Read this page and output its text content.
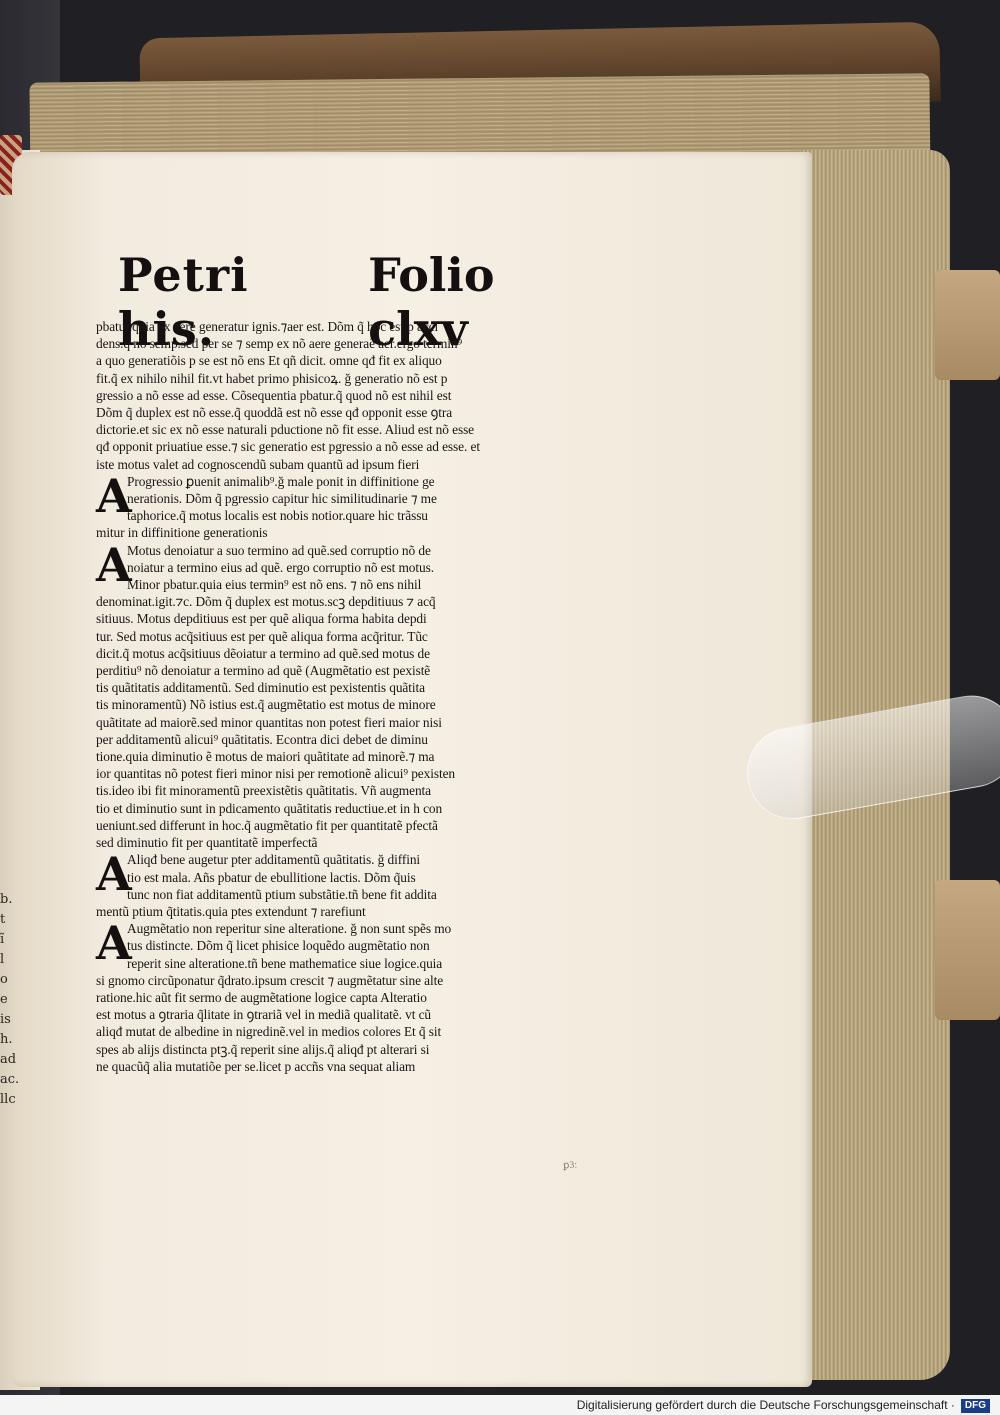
b.
t
ĩ
l
o
e
is
h.
ad
ac.
llc
Petri his.
Folio clxv
pbatur.quia ex aere generatur ignis.⁊aer est. Dõm q̃ hoc est p acci
dens.q̃ nõ semp.sed per se ⁊ semp ex nõ aere generaẽ aer.ergo termin⁹
a quo generatiõis p se est nõ ens Et qñ dicit. omne qđ fit ex aliquo
fit.q̃ ex nihilo nihil fit.vt habet primo phisicoꝝ. ğ generatio nõ est p
gressio a nõ esse ad esse. Cõsequentia pbatur.q̃ quod nõ est nihil est
Dõm q̃ duplex est nõ esse.q̃ quoddã est nõ esse qđ opponit esse ꝯtra
dictorie.et sic ex nõ esse naturali pductione nõ fit esse. Aliud est nõ esse
qđ opponit priuatiue esse.⁊ sic generatio est pgressio a nõ esse ad esse. et
iste motus valet ad cognoscendũ subam quantũ ad ipsum fieri
A
Progressio ꝑuenit animalib⁹.ğ male ponit in diffinitione ge
nerationis. Dõm q̃ pgressio capitur hic similitudinarie ⁊ me
taphorice.q̃ motus localis est nobis notior.quare hic trãssu
mitur in diffinitione generationis
A
Motus denoiatur a suo termino ad quẽ.sed corruptio nõ de
noiatur a termino eius ad quẽ. ergo corruptio nõ est motus.
Minor pbatur.quia eius termin⁹ est nõ ens. ⁊ nõ ens nihil
denominat.igit.⁊c. Dõm q̃ duplex est motus.scꝫ depditiuus ⁊ acq̃
sitiuus. Motus depditiuus est per quẽ aliqua forma habita depdi
tur. Sed motus acq̃sitiuus est per quẽ aliqua forma acq̃ritur. Tũc
dicit.q̃ motus acq̃sitiuus dẽoiatur a termino ad quẽ.sed motus de
perditiu⁹ nõ denoiatur a termino ad quẽ (Augmẽtatio est pexistẽ
tis quãtitatis additamentũ. Sed diminutio est pexistentis quãtita
tis minoramentũ) Nõ istius est.q̃ augmẽtatio est motus de minore
quãtitate ad maiorẽ.sed minor quantitas non potest fieri maior nisi
per additamentũ alicui⁹ quãtitatis. Econtra dici debet de diminu
tione.quia diminutio ẽ motus de maiori quãtitate ad minorẽ.⁊ ma
ior quantitas nõ potest fieri minor nisi per remotionẽ alicui⁹ pexisten
tis.ideo ibi fit minoramentũ preexistẽtis quãtitatis. Vñ augmenta
tio et diminutio sunt in pdicamento quãtitatis reductiue.et in h con
ueniunt.sed differunt in hoc.q̃ augmẽtatio fit per quantitatẽ pfectã
sed diminutio fit per quantitatẽ imperfectã
A
Aliqđ bene augetur pter additamentũ quãtitatis. ğ diffini
tio est mala. Añs pbatur de ebullitione lactis. Dõm q̃uis
tunc non fiat additamentũ ptium substãtie.tñ bene fit addita
mentũ ptium q̃titatis.quia ptes extendunt ⁊ rarefiunt
A
Augmẽtatio non reperitur sine alteratione. ğ non sunt spẽs mo
tus distincte. Dõm q̃ licet phisice loquẽdo augmẽtatio non
reperit sine alteratione.tñ bene mathematice siue logice.quia
si gnomo circũponatur q̃drato.ipsum crescit ⁊ augmẽtatur sine alte
ratione.hic aũt fit sermo de augmẽtatione logice capta Alteratio
est motus a ꝯtraria q̃litate in ꝯtrariã vel in mediã qualitatẽ. vt cũ
aliqđ mutat de albedine in nigredinẽ.vel in medios colores Et q̃ sit
spes ab alijs distincta ptꝫ.q̃ reperit sine alijs.q̃ aliqđ pt alterari si
ne quacũq̃ alia mutatiõe per se.licet p accñs vna sequat aliam
ꝑ3:
Digitalisierung gefördert durch die Deutsche Forschungsgemeinschaft · DFG
